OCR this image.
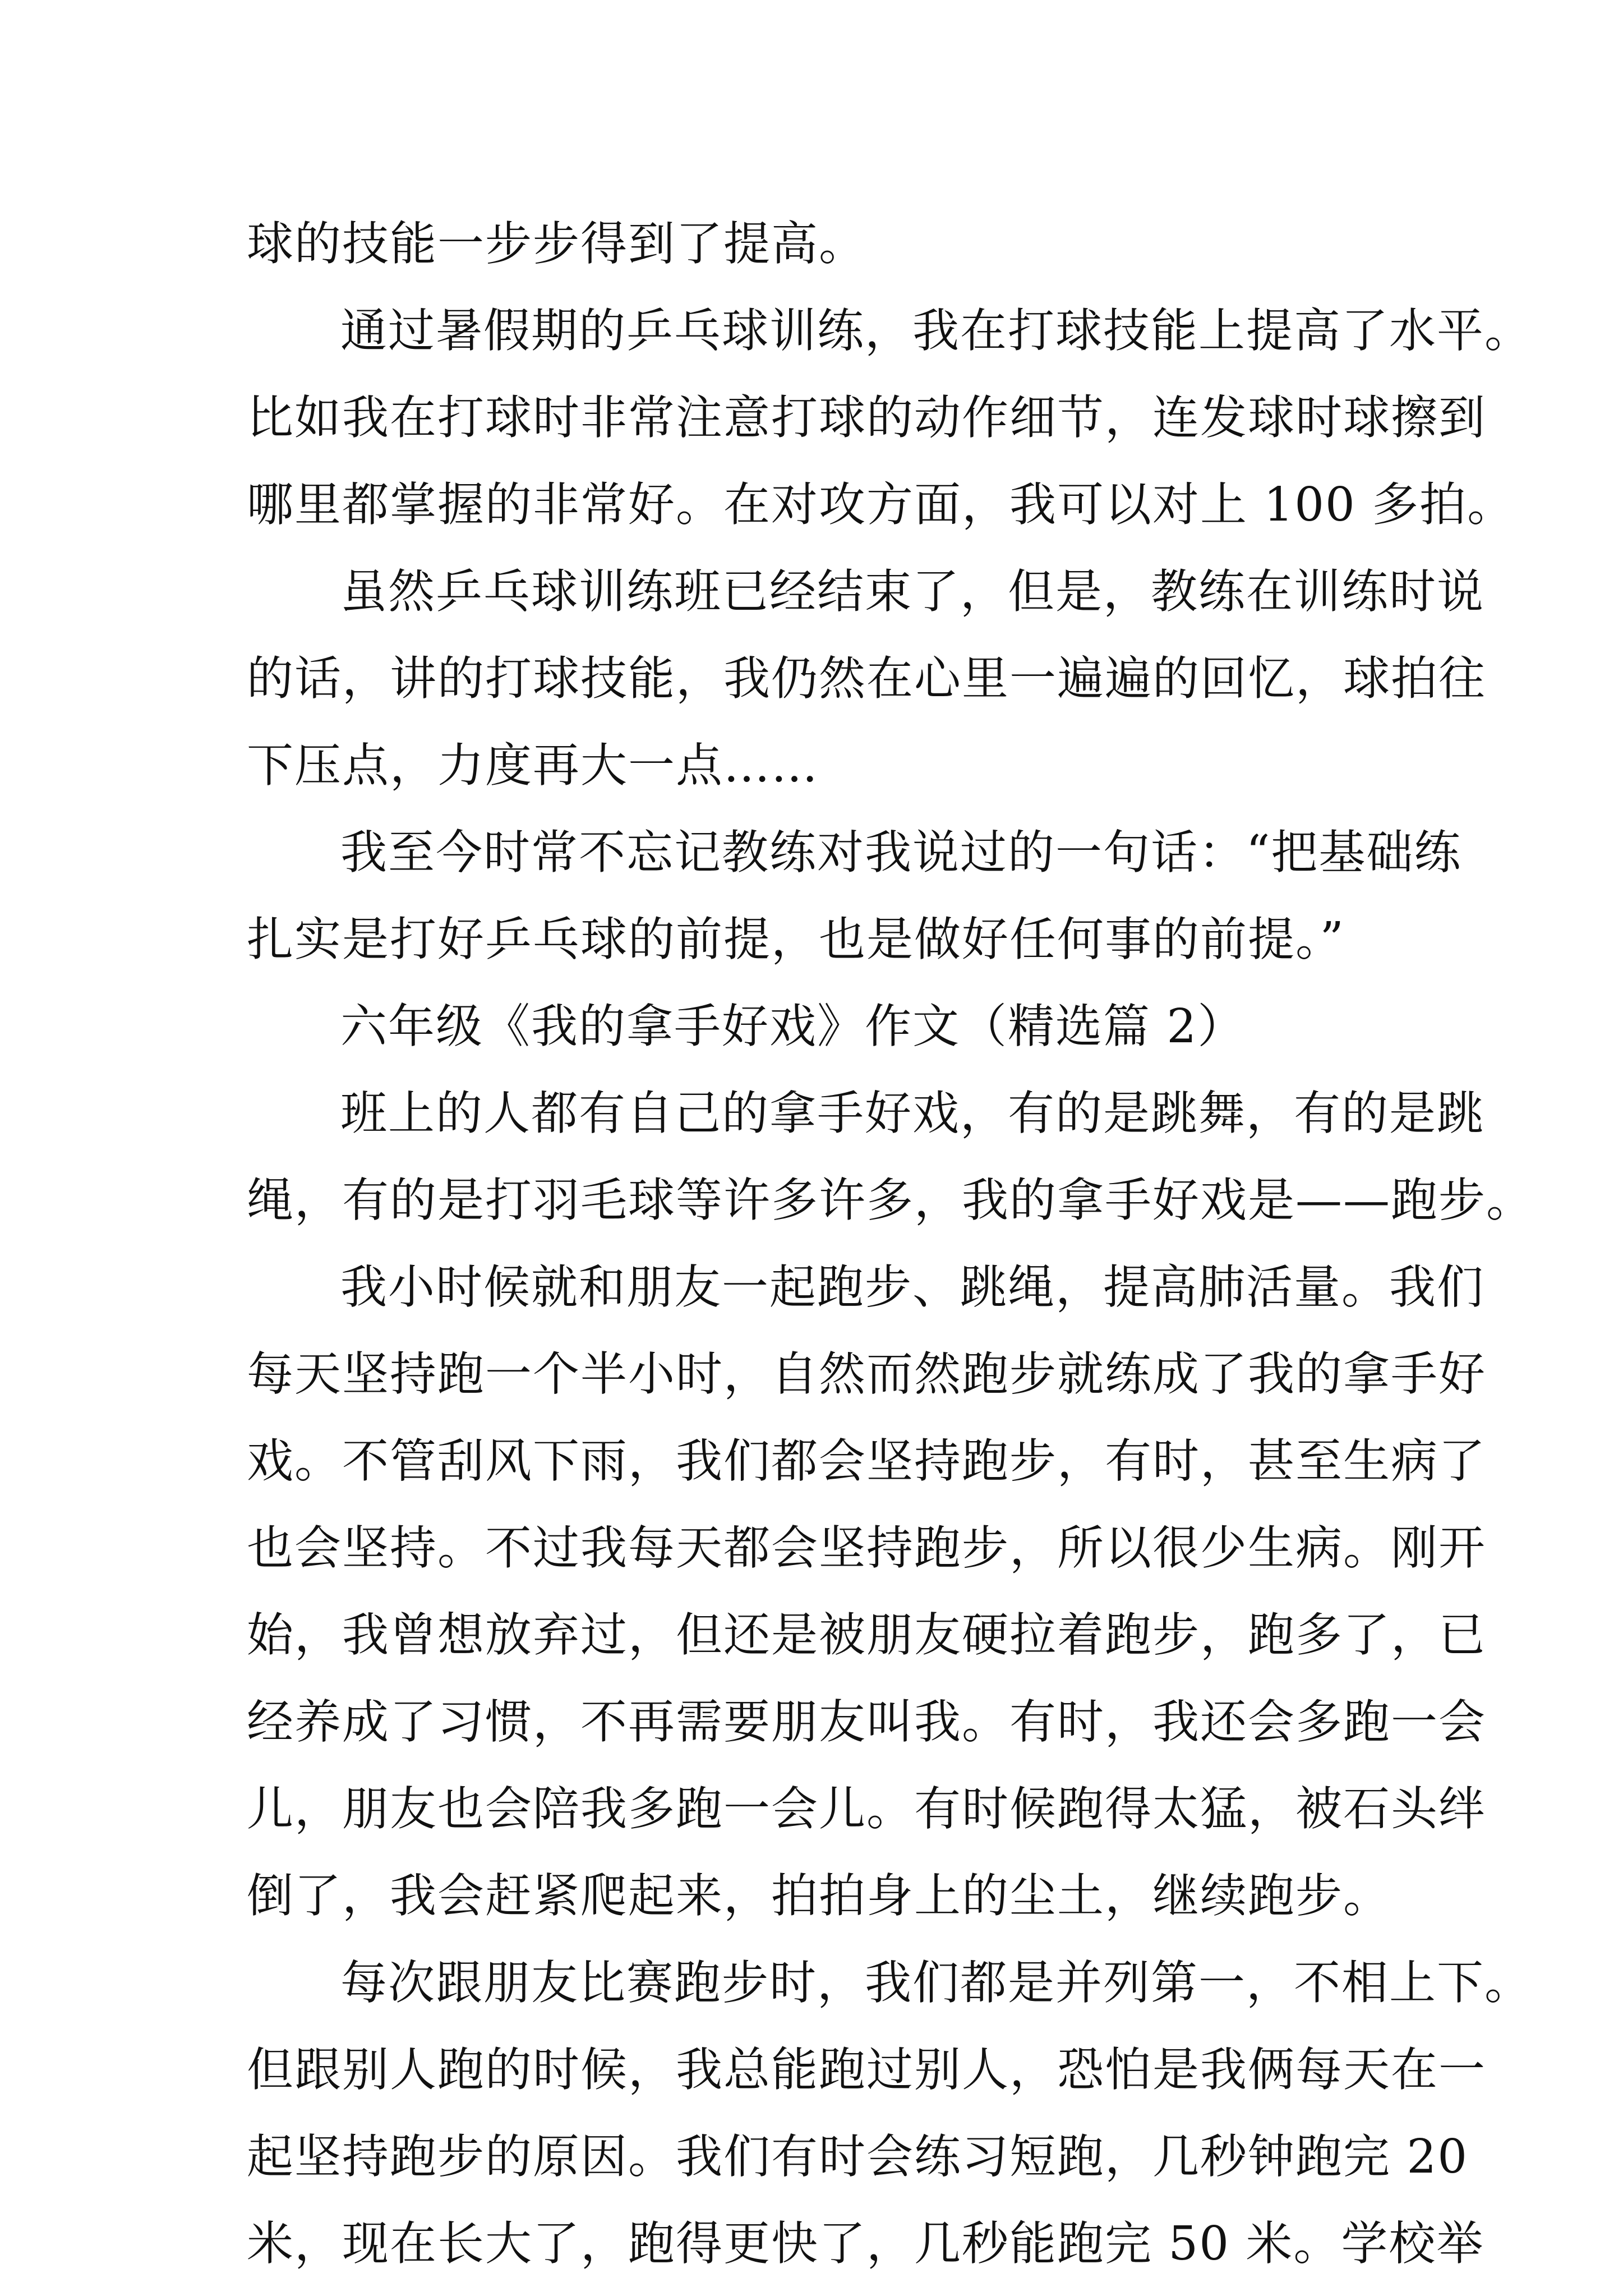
球的技能一步步得到了提高。
通过暑假期的乒乓球训练，我在打球技能上提高了水平。
比如我在打球时非常注意打球的动作细节，连发球时球擦到
哪里都掌握的非常好。在对攻方面，我可以对上 100 多拍。
虽然乒乓球训练班已经结束了，但是，教练在训练时说
的话，讲的打球技能，我仍然在心里一遍遍的回忆，球拍往
下压点，力度再大一点……
我至今时常不忘记教练对我说过的一句话：“把基础练
扎实是打好乒乓球的前提，也是做好任何事的前提。”
六年级《我的拿手好戏》作文（精选篇 2）
班上的人都有自己的拿手好戏，有的是跳舞，有的是跳
绳，有的是打羽毛球等许多许多，我的拿手好戏是——跑步。
我小时候就和朋友一起跑步、跳绳，提高肺活量。我们
每天坚持跑一个半小时，自然而然跑步就练成了我的拿手好
戏。不管刮风下雨，我们都会坚持跑步，有时，甚至生病了
也会坚持。不过我每天都会坚持跑步，所以很少生病。刚开
始，我曾想放弃过，但还是被朋友硬拉着跑步，跑多了，已
经养成了习惯，不再需要朋友叫我。有时，我还会多跑一会
儿，朋友也会陪我多跑一会儿。有时候跑得太猛，被石头绊
倒了，我会赶紧爬起来，拍拍身上的尘土，继续跑步。
每次跟朋友比赛跑步时，我们都是并列第一，不相上下。
但跟别人跑的时候，我总能跑过别人，恐怕是我俩每天在一
起坚持跑步的原因。我们有时会练习短跑，几秒钟跑完 20
米，现在长大了，跑得更快了，几秒能跑完 50 米。学校举
